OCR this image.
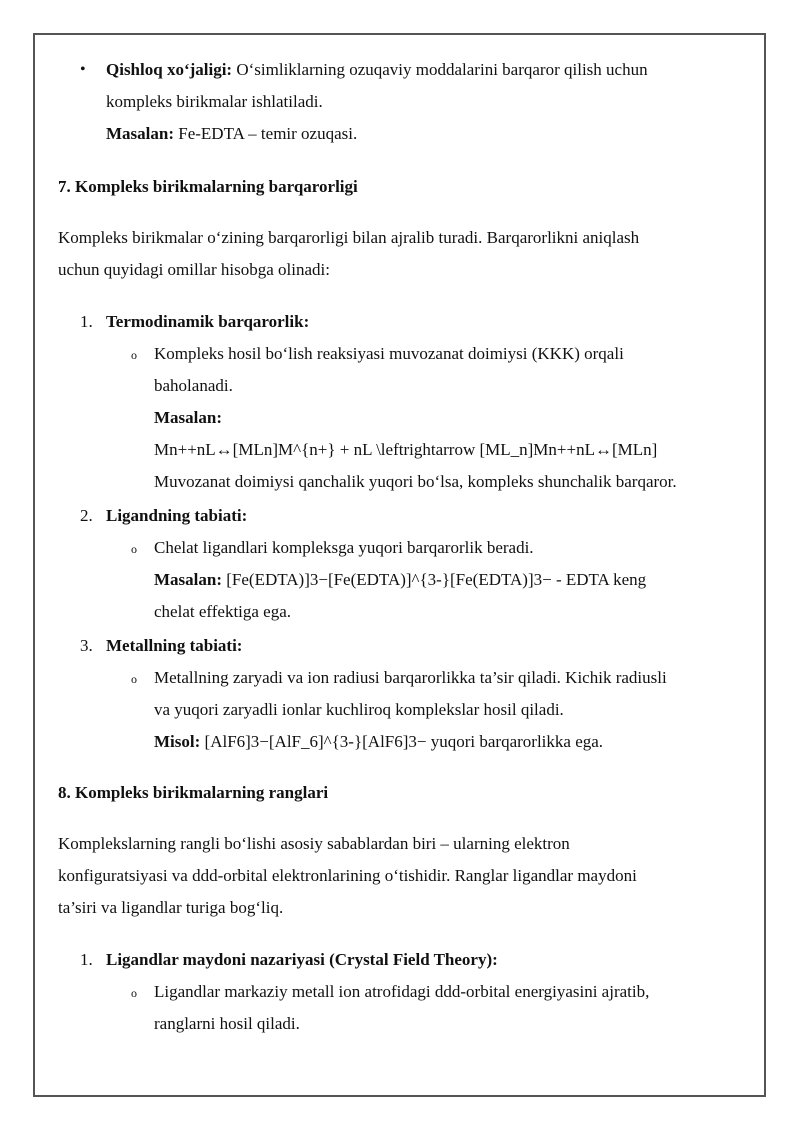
• Qishloq xo‘jaligi: O‘simliklarning ozuqaviy moddalarini barqaror qilish uchun
kompleks birikmalar ishlatiladi.
Masalan: Fe-EDTA – temir ozuqasi.
7. Kompleks birikmalarning barqarorligi
Kompleks birikmalar o‘zining barqarorligi bilan ajralib turadi. Barqarorlikni aniqlash
uchun quyidagi omillar hisobga olinadi:
1. Termodinamik barqarorlik:
o Kompleks hosil bo‘lish reaksiyasi muvozanat doimiysi (KKK) orqali
baholanadi.
Masalan:
Mn++nL↔[MLn]M^{n+} + nL \leftrightarrow [ML_n]Mn++nL↔[MLn]
Muvozanat doimiysi qanchalik yuqori bo‘lsa, kompleks shunchalik barqaror.
2. Ligandning tabiati:
o Chelat ligandlari kompleksga yuqori barqarorlik beradi.
Masalan: [Fe(EDTA)]3−[Fe(EDTA)]^{3-}[Fe(EDTA)]3− - EDTA keng
chelat effektiga ega.
3. Metallning tabiati:
o Metallning zaryadi va ion radiusi barqarorlikka ta’sir qiladi. Kichik radiusli
va yuqori zaryadli ionlar kuchliroq komplekslar hosil qiladi.
Misol: [AlF6]3−[AlF_6]^{3-}[AlF6]3− yuqori barqarorlikka ega.
8. Kompleks birikmalarning ranglari
Komplekslarning rangli bo‘lishi asosiy sabablardan biri – ularning elektron
konfiguratsiyasi va ddd-orbital elektronlarining o‘tishidir. Ranglar ligandlar maydoni
ta’siri va ligandlar turiga bog‘liq.
1. Ligandlar maydoni nazariyasi (Crystal Field Theory):
o Ligandlar markaziy metall ion atrofidagi ddd-orbital energiyasini ajratib,
ranglarni hosil qiladi.
